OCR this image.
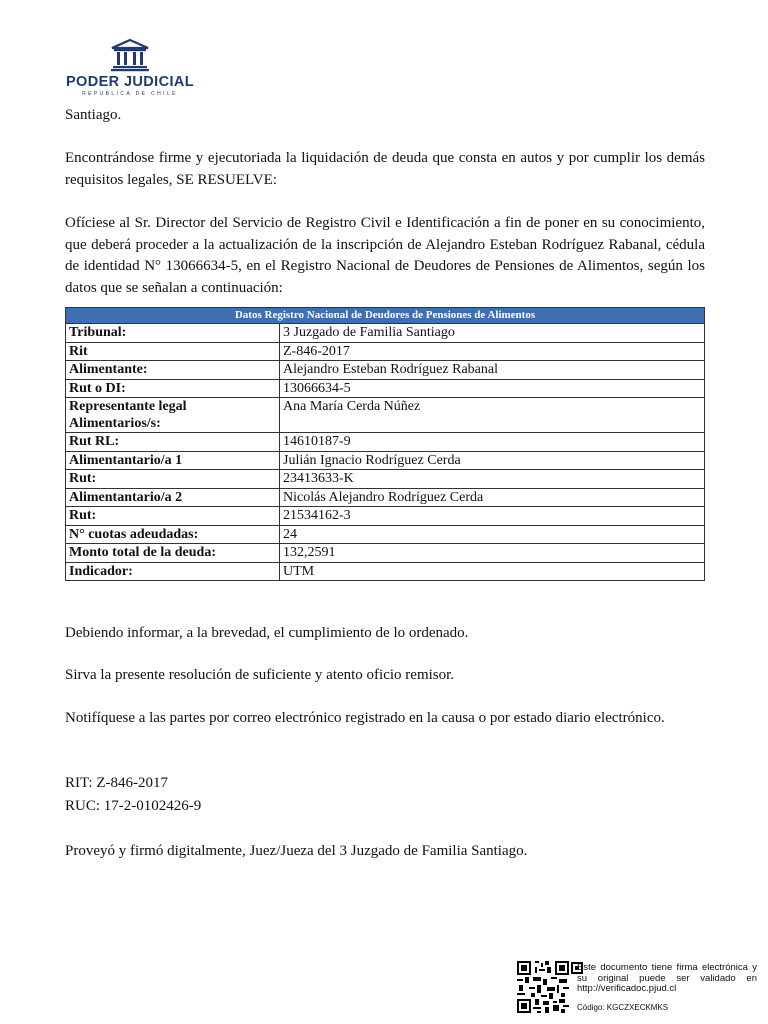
PODER JUDICIAL
REPUBLICA DE CHILE

Santiago.

Encontrándose firme y ejecutoriada la liquidación de deuda que consta en autos y por cumplir los demás requisitos legales, SE RESUELVE:

Ofíciese al Sr. Director del Servicio de Registro Civil e Identificación a fin de poner en su conocimiento, que deberá proceder a la actualización de la inscripción de Alejandro Esteban Rodríguez Rabanal, cédula de identidad N° 13066634-5, en el Registro Nacional de Deudores de Pensiones de Alimentos, según los datos que se señalan a continuación:

Datos Registro Nacional de Deudores de Pensiones de Alimentos	
Tribunal:	3 Juzgado de Familia Santiago
Rit	Z-846-2017
Alimentante:	Alejandro Esteban Rodríguez Rabanal
Rut o DI:	13066634-5
Representante legal Alimentarios/s:	Ana María Cerda Núñez
Rut RL:	14610187-9
Alimentantario/a 1	Julián Ignacio Rodríguez Cerda
Rut:	23413633-K
Alimentantario/a 2	Nicolás Alejandro Rodríguez Cerda
Rut:	21534162-3
N° cuotas adeudadas:	24
Monto total de la deuda:	132,2591
Indicador:	UTM

Debiendo informar, a la brevedad, el cumplimiento de lo ordenado.

Sirva la presente resolución de suficiente y atento oficio remisor.

Notifíquese a las partes por correo electrónico registrado en la causa o por estado diario electrónico.

RIT: Z-846-2017

RUC: 17-2-0102426-9

Proveyó y firmó digitalmente, Juez/Jueza del 3 Juzgado de Familia Santiago.

Este documento tiene firma electrónica y su original puede ser validado en http://verificadoc.pjud.cl
Código: KGCZXECKMKS
